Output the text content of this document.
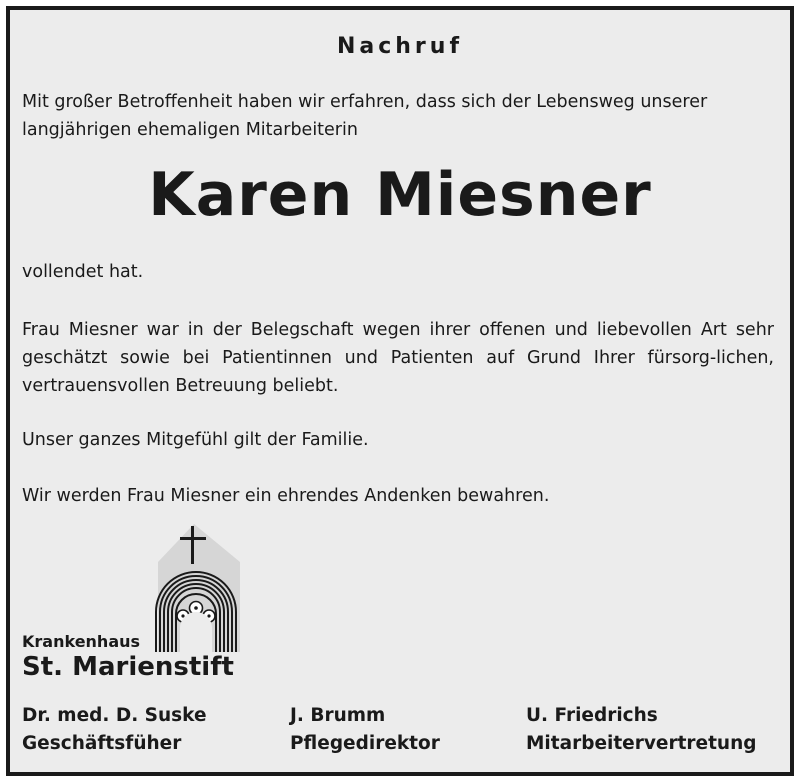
Nachruf
Mit großer Betroffenheit haben wir erfahren, dass sich der Lebensweg unserer langjährigen ehemaligen Mitarbeiterin
Karen Miesner
vollendet hat.
Frau Miesner war in der Belegschaft wegen ihrer offenen und liebevollen Art sehr geschätzt sowie bei Patientinnen und Patienten auf Grund Ihrer fürsorg-lichen, vertrauensvollen Betreuung beliebt.
Unser ganzes Mitgefühl gilt der Familie.
Wir werden Frau Miesner ein ehrendes Andenken bewahren.
Krankenhaus
St. Marienstift
Dr. med. D. Suske
Geschäftsfüher
J. Brumm
Pflegedirektor
U. Friedrichs
Mitarbeitervertretung
